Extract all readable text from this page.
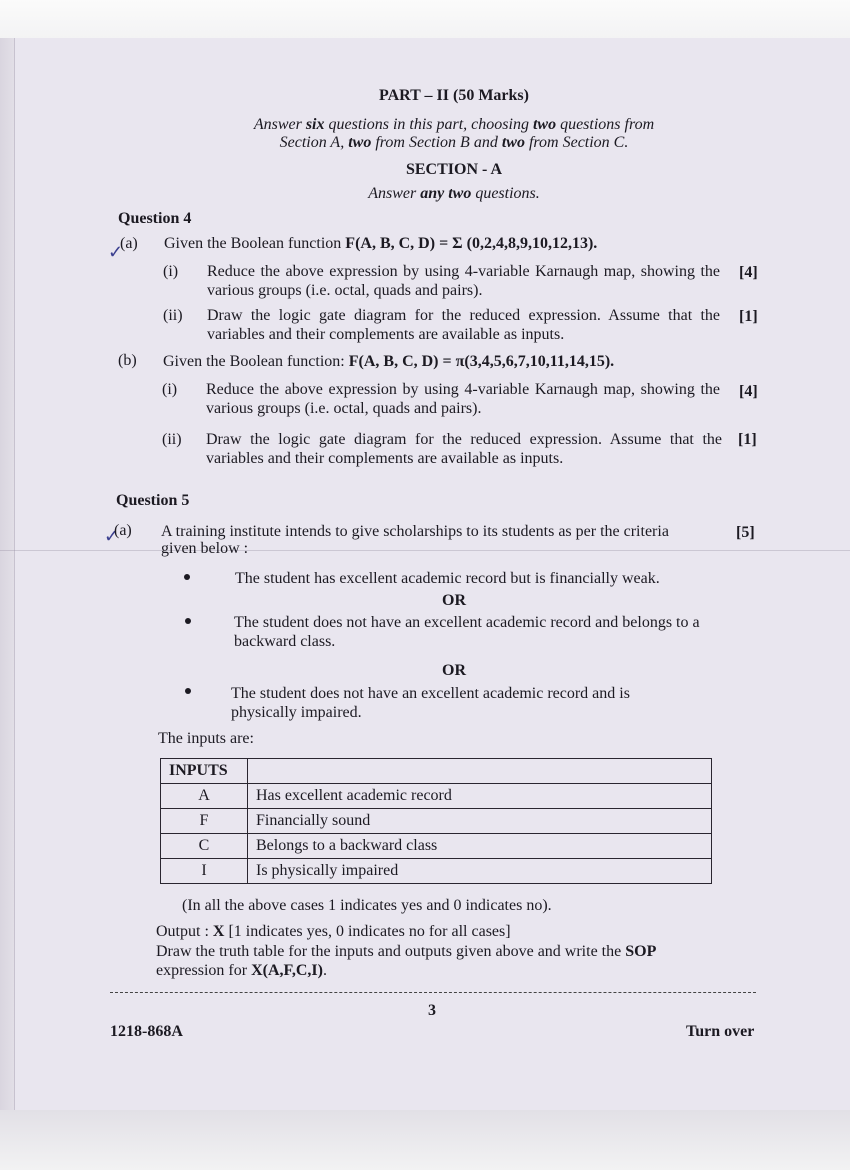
PART – II (50 Marks)
Answer six questions in this part, choosing two questions from
Section A, two from Section B and two from Section C.
SECTION - A
Answer any two questions.
Question 4
✓
(a) Given the Boolean function F(A, B, C, D) = Σ (0,2,4,8,9,10,12,13).
(i) Reduce the above expression by using 4-variable Karnaugh map, showing the various groups (i.e. octal, quads and pairs).
[4]
(ii) Draw the logic gate diagram for the reduced expression. Assume that the variables and their complements are available as inputs.
[1]
(b) Given the Boolean function: F(A, B, C, D) = π(3,4,5,6,7,10,11,14,15).
(i) Reduce the above expression by using 4-variable Karnaugh map, showing the various groups (i.e. octal, quads and pairs).
[4]
(ii) Draw the logic gate diagram for the reduced expression. Assume that the variables and their complements are available as inputs.
[1]
Question 5
✓
(a) A training institute intends to give scholarships to its students as per the criteria
given below :
[5]
The student has excellent academic record but is financially weak.
OR
The student does not have an excellent academic record and belongs to a backward class.
OR
The student does not have an excellent academic record and is physically impaired.
The inputs are:
INPUTS	
A	Has excellent academic record
F	Financially sound
C	Belongs to a backward class
I	Is physically impaired
(In all the above cases 1 indicates yes and 0 indicates no).
Output : X [1 indicates yes, 0 indicates no for all cases]
Draw the truth table for the inputs and outputs given above and write the SOP
expression for X(A,F,C,I).
3
1218-868A	Turn over
